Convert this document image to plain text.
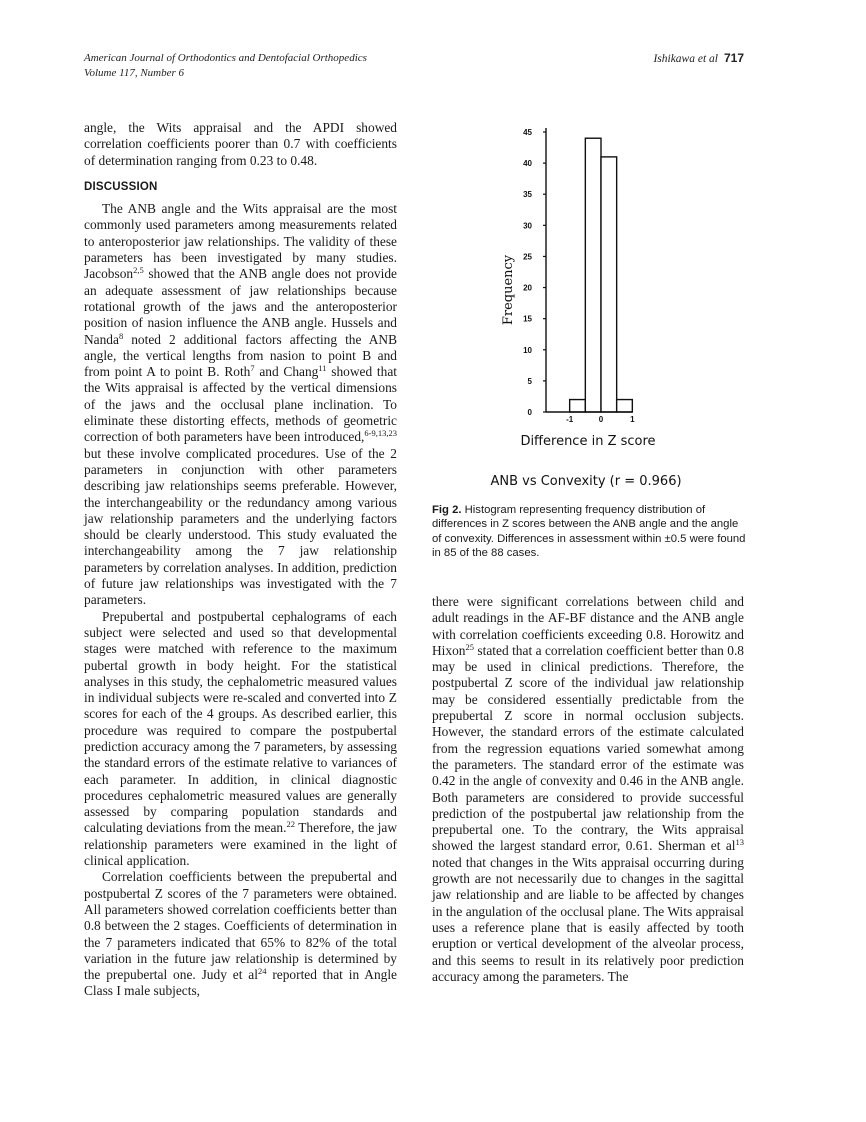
American Journal of Orthodontics and Dentofacial Orthopedics
Volume 117, Number 6
Ishikawa et al 717

angle, the Wits appraisal and the APDI showed correlation coefficients poorer than 0.7 with coefficients of determination ranging from 0.23 to 0.48.

DISCUSSION

The ANB angle and the Wits appraisal are the most commonly used parameters among measurements related to anteroposterior jaw relationships. The validity of these parameters has been investigated by many studies. Jacobson$^{2,5}$ showed that the ANB angle does not provide an adequate assessment of jaw relationships because rotational growth of the jaws and the anteroposterior position of nasion influence the ANB angle. Hussels and Nanda$^8$ noted 2 additional factors affecting the ANB angle, the vertical lengths from nasion to point B and from point A to point B. Roth$^7$ and Chang$^{11}$ showed that the Wits appraisal is affected by the vertical dimensions of the jaws and the occlusal plane inclination. To eliminate these distorting effects, methods of geometric correction of both parameters have been introduced,$^{6-9,13,23}$ but these involve complicated procedures. Use of the 2 parameters in conjunction with other parameters describing jaw relationships seems preferable. However, the interchangeability or the redundancy among various jaw relationship parameters and the underlying factors should be clearly understood. This study evaluated the interchangeability among the 7 jaw relationship parameters by correlation analyses. In addition, prediction of future jaw relationships was investigated with the 7 parameters.

Prepubertal and postpubertal cephalograms of each subject were selected and used so that developmental stages were matched with reference to the maximum pubertal growth in body height. For the statistical analyses in this study, the cephalometric measured values in individual subjects were re-scaled and converted into Z scores for each of the 4 groups. As described earlier, this procedure was required to compare the postpubertal prediction accuracy among the 7 parameters, by assessing the standard errors of the estimate relative to variances of each parameter. In addition, in clinical diagnostic procedures cephalometric measured values are generally assessed by comparing population standards and calculating deviations from the mean.$^{22}$ Therefore, the jaw relationship parameters were examined in the light of clinical application.

Correlation coefficients between the prepubertal and postpubertal Z scores of the 7 parameters were obtained. All parameters showed correlation coefficients better than 0.8 between the 2 stages. Coefficients of determination in the 7 parameters indicated that 65% to 82% of the total variation in the future jaw relationship is determined by the prepubertal one. Judy et $al^{24}$ reported that in Angle Class I male subjects,

there were significant correlations between child and adult readings in the AF-BF distance and the ANB angle with correlation coefficients exceeding 0.8. Horowitz and Hixon$^{25}$ stated that a correlation coefficient better than 0.8 may be used in clinical predictions. Therefore, the postpubertal Z score of the individual jaw relationship may be considered essentially predictable from the prepubertal Z score in normal occlusion subjects. However, the standard errors of the estimate calculated from the regression equations varied somewhat among the parameters. The standard error of the estimate was 0.42 in the angle of convexity and 0.46 in the ANB angle. Both parameters are considered to provide successful prediction of the postpubertal jaw relationship from the prepubertal one. To the contrary, the Wits appraisal showed the largest standard error, 0.61. Sherman et $al^{13}$ noted that changes in the Wits appraisal occurring during growth are not necessarily due to changes in the sagittal jaw relationship and are liable to be affected by changes in the angulation of the occlusal plane. The Wits appraisal uses a reference plane that is easily affected by tooth eruption or vertical development of the alveolar process, and this seems to result in its relatively poor prediction accuracy among the parameters. The

0
5
10
15
20
25
30
35
40
45
-1	0	1
Difference in Z score
Frequency
ANB vs Convexity (r = 0.966)
Fig 2. Histogram representing frequency distribution of differences in Z scores between the ANB angle and the angle of convexity. Differences in assessment within ±0.5 were found in 85 of the 88 cases.
